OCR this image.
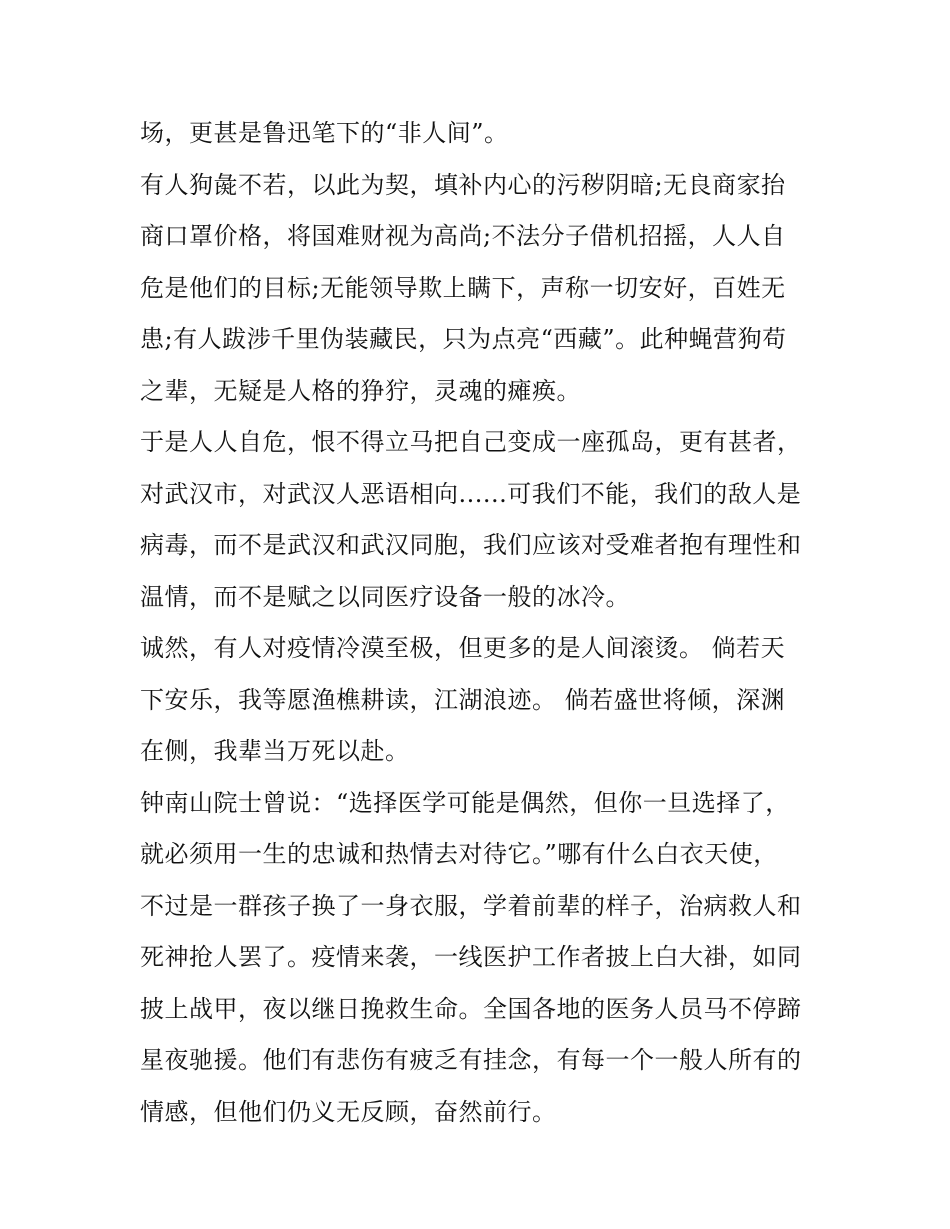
场，更甚是鲁迅笔下的“非人间”。
有人狗彘不若，以此为契，填补内心的污秽阴暗;无良商家抬
商口罩价格，将国难财视为高尚;不法分子借机招摇，人人自
危是他们的目标;无能领导欺上瞒下，声称一切安好，百姓无
患;有人跋涉千里伪装藏民，只为点亮“西藏”。此种蝇营狗苟
之辈，无疑是人格的狰狞，灵魂的瘫痪。
于是人人自危，恨不得立马把自己变成一座孤岛，更有甚者，
对武汉市，对武汉人恶语相向......可我们不能，我们的敌人是
病毒，而不是武汉和武汉同胞，我们应该对受难者抱有理性和
温情，而不是赋之以同医疗设备一般的冰冷。
诚然，有人对疫情冷漠至极，但更多的是人间滚烫。 倘若天
下安乐，我等愿渔樵耕读，江湖浪迹。 倘若盛世将倾，深渊
在侧，我辈当万死以赴。
钟南山院士曾说：“选择医学可能是偶然，但你一旦选择了，
就必须用一生的忠诚和热情去对待它。”哪有什么白衣天使，
不过是一群孩子换了一身衣服，学着前辈的样子，治病救人和
死神抢人罢了。疫情来袭，一线医护工作者披上白大褂，如同
披上战甲，夜以继日挽救生命。全国各地的医务人员马不停蹄
星夜驰援。他们有悲伤有疲乏有挂念，有每一个一般人所有的
情感，但他们仍义无反顾，奋然前行。
